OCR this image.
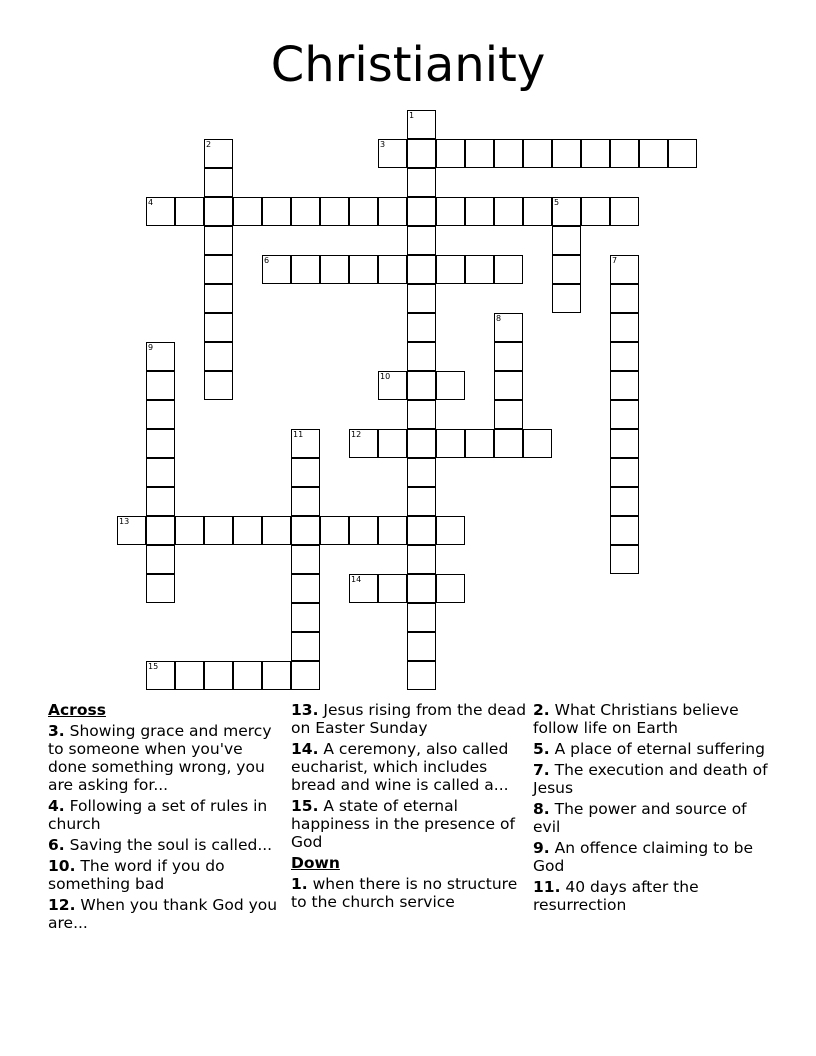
Christianity
1
2	3
4	5
6	7
8
9
10
11	12
13
14
15
Across
3. Showing grace and mercy to someone when you've done something wrong, you are asking for...
4. Following a set of rules in church
6. Saving the soul is called...
10. The word if you do something bad
12. When you thank God you are...
13. Jesus rising from the dead on Easter Sunday
14. A ceremony, also called eucharist, which includes bread and wine is called a...
15. A state of eternal happiness in the presence of God
Down
1. when there is no structure to the church service
2. What Christians believe follow life on Earth
5. A place of eternal suffering
7. The execution and death of Jesus
8. The power and source of evil
9. An offence claiming to be God
11. 40 days after the resurrection
